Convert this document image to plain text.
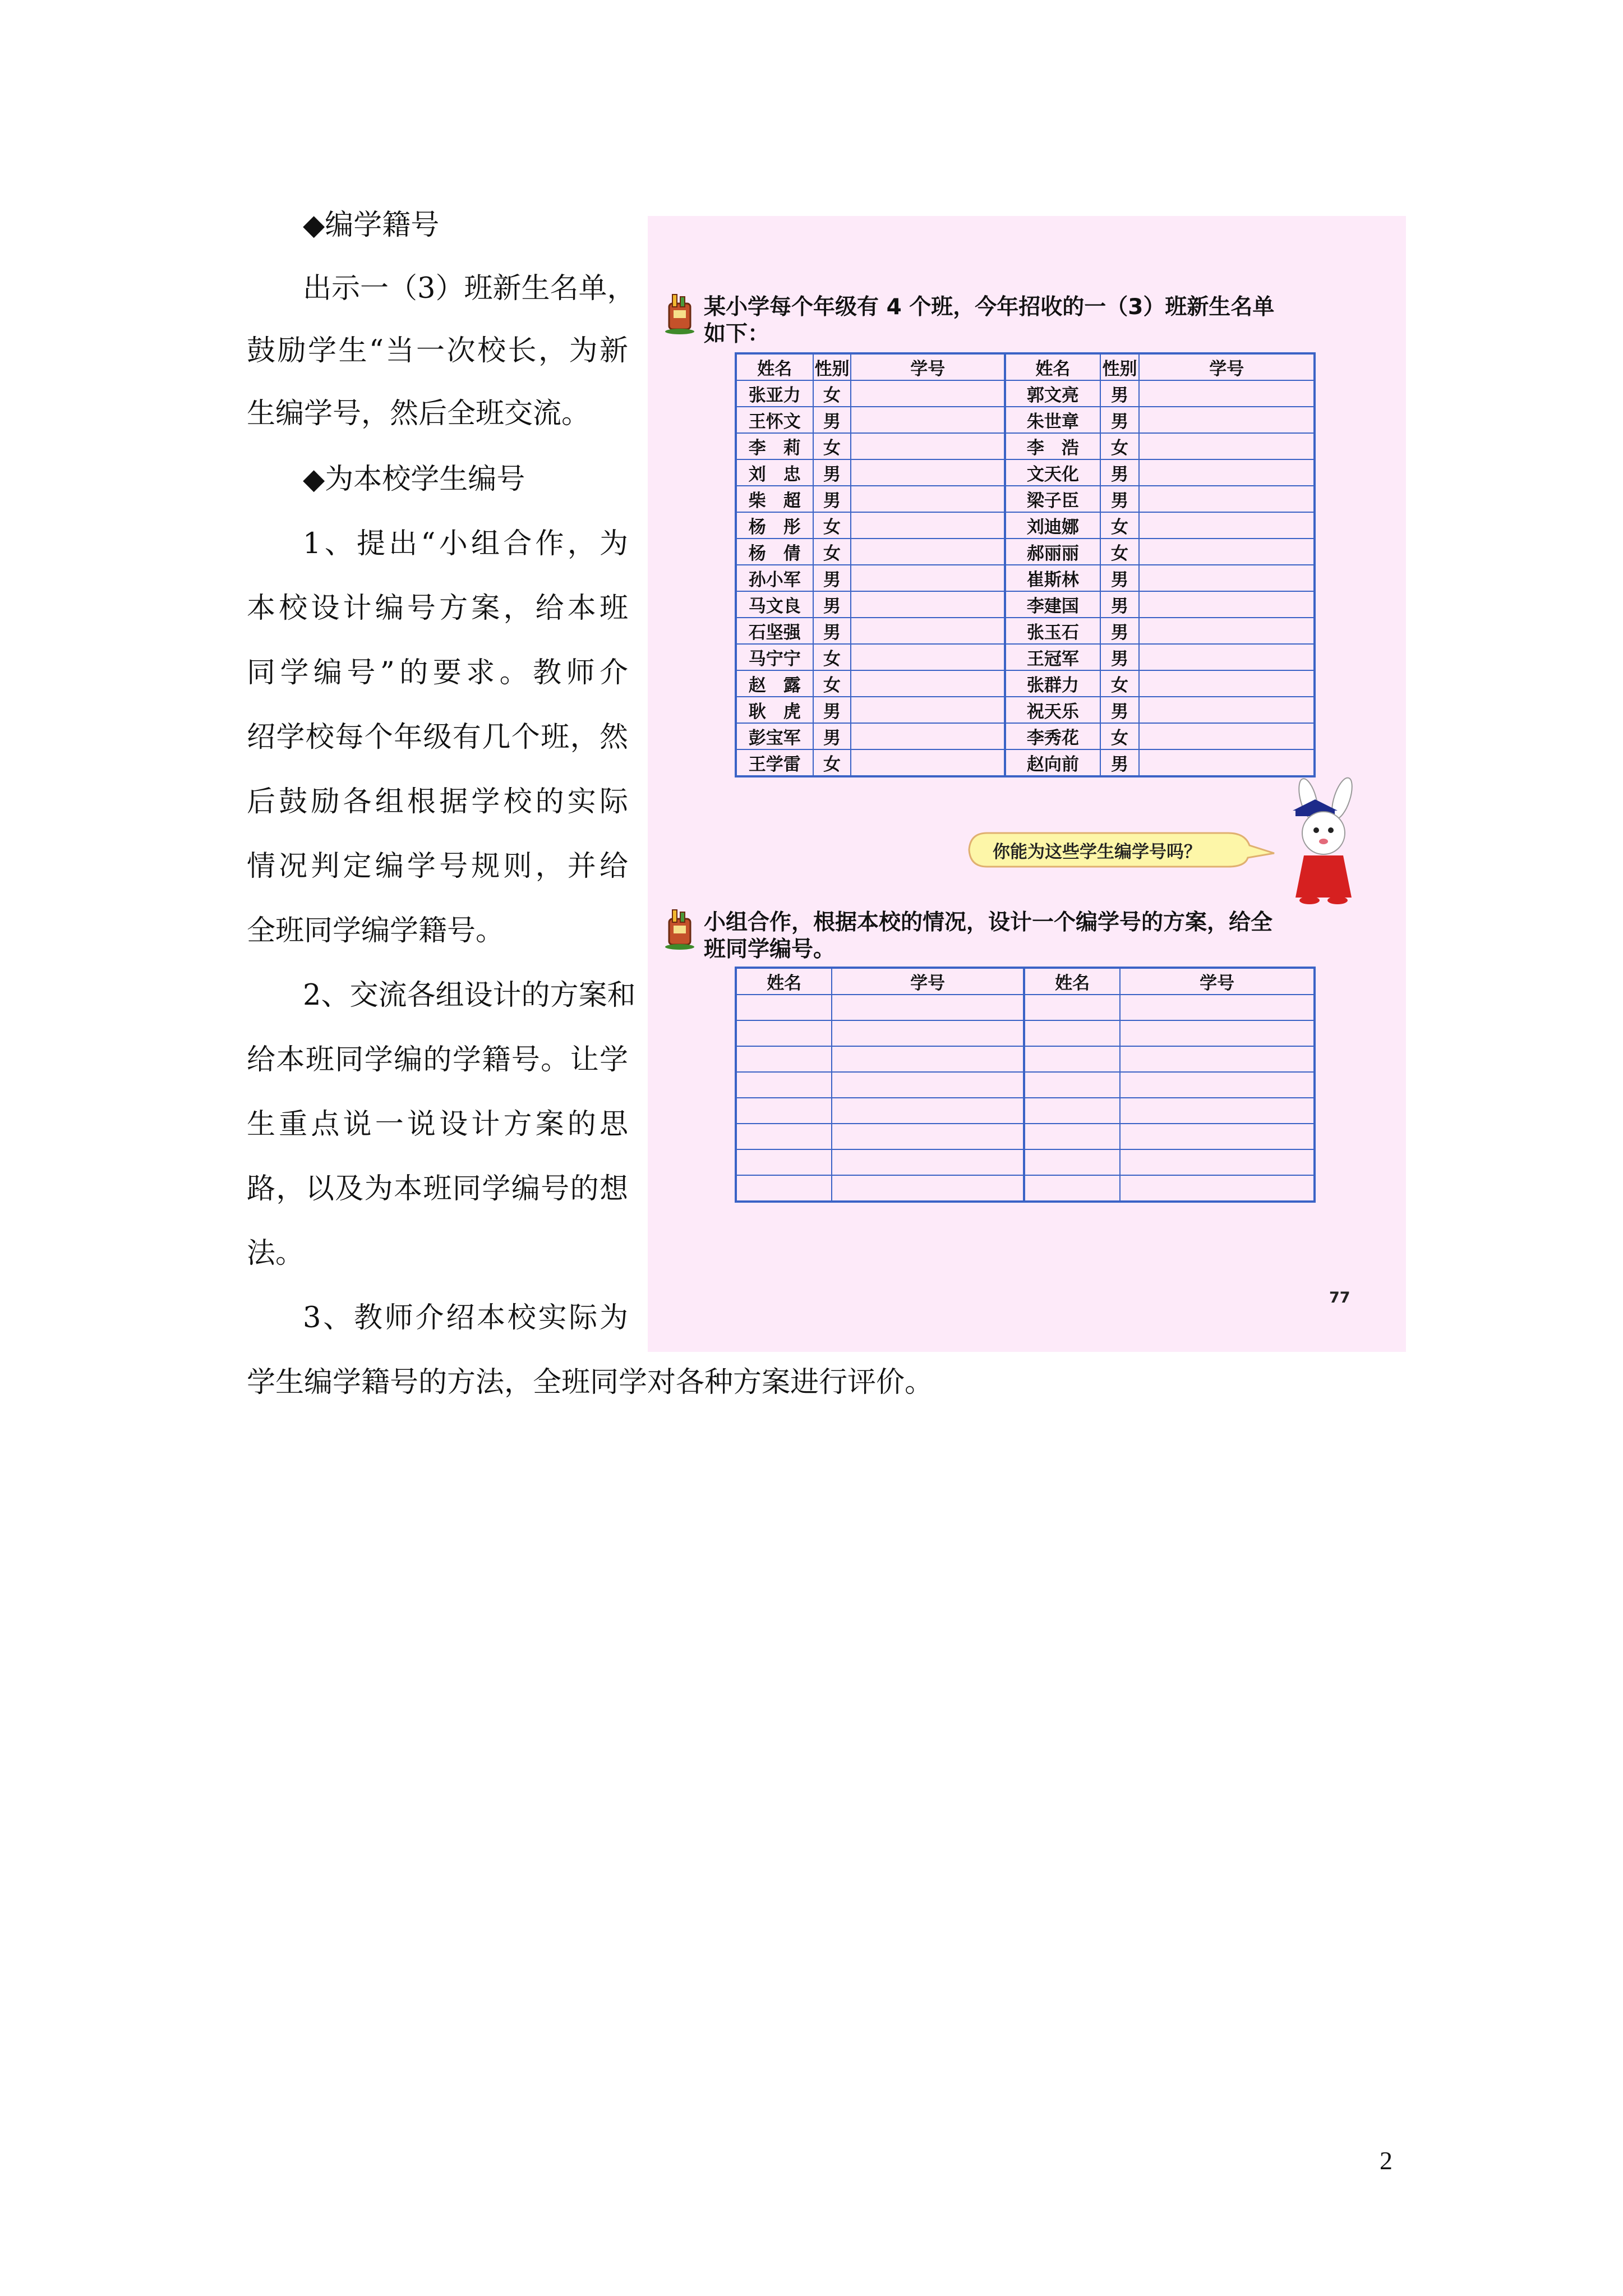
◆编学籍号
出示一（3）班新生名单，
鼓励学生“当一次校长，为新
生编学号，然后全班交流。
◆为本校学生编号
1、提出“小组合作，为
本校设计编号方案，给本班
同学编号”的要求。教师介
绍学校每个年级有几个班，然
后鼓励各组根据学校的实际
情况判定编学号规则，并给
全班同学编学籍号。
2、交流各组设计的方案和
给本班同学编的学籍号。让学
生重点说一说设计方案的思
路，以及为本班同学编号的想
法。
3、教师介绍本校实际为
学生编学籍号的方法，全班同学对各种方案进行评价。
某小学每个年级有 4 个班，今年招收的一（3）班新生名单
如下：
姓名	性别	学号	姓名	性别	学号
张亚力	女		郭文亮	男	
王怀文	男		朱世章	男	
李　莉	女		李　浩	女	
刘　忠	男		文天化	男	
柴　超	男		梁子臣	男	
杨　彤	女		刘迪娜	女	
杨　倩	女		郝丽丽	女	
孙小军	男		崔斯林	男	
马文良	男		李建国	男	
石坚强	男		张玉石	男	
马宁宁	女		王冠军	男	
赵　露	女		张群力	女	
耿　虎	男		祝天乐	男	
彭宝军	男		李秀花	女	
王学雷	女		赵向前	男	
你能为这些学生编学号吗？
小组合作，根据本校的情况，设计一个编学号的方案，给全
班同学编号。
姓名	学号	姓名	学号

77
2
